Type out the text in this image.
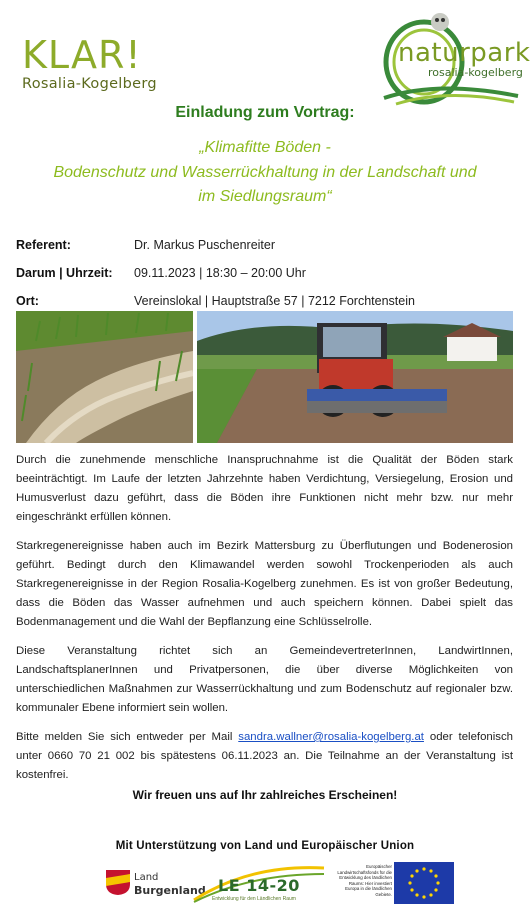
KLAR!
Rosalia-Kogelberg
naturpark
rosalia-kogelberg
Einladung zum Vortrag:
„Klimafitte Böden -
Bodenschutz und Wasserrückhaltung in der Landschaft und
im Siedlungsraum“
Referent:	Dr. Markus Puschenreiter
Darum | Uhrzeit:	09.11.2023 | 18:30 – 20:00 Uhr
Ort:	Vereinslokal | Hauptstraße 57 | 7212 Forchtenstein

Durch die zunehmende menschliche Inanspruchnahme ist die Qualität der Böden stark beeinträchtigt. Im Laufe der letzten Jahrzehnte haben Verdichtung, Versiegelung, Erosion und Humusverlust dazu geführt, dass die Böden ihre Funktionen nicht mehr bzw. nur mehr eingeschränkt erfüllen können.

Starkregenereignisse haben auch im Bezirk Mattersburg zu Überflutungen und Bodenerosion geführt. Bedingt durch den Klimawandel werden sowohl Trockenperioden als auch Starkregenereignisse in der Region Rosalia-Kogelberg zunehmen. Es ist von großer Bedeutung, dass die Böden das Wasser aufnehmen und auch speichern können. Dabei spielt das Bodenmanagement und die Wahl der Bepflanzung eine Schlüsselrolle.

Diese Veranstaltung richtet sich an GemeindevertreterInnen, LandwirtInnen, LandschaftsplanerInnen und Privatpersonen, die über diverse Möglichkeiten von unterschiedlichen Maßnahmen zur Wasserrückhaltung und zum Bodenschutz auf regionaler bzw. kommunaler Ebene informiert sein wollen.

Bitte melden Sie sich entweder per Mail sandra.wallner@rosalia-kogelberg.at oder telefonisch unter 0660 70 21 002 bis spätestens 06.11.2023 an. Die Teilnahme an der Veranstaltung ist kostenfrei.

Wir freuen uns auf Ihr zahlreiches Erscheinen!
Mit Unterstützung von Land und Europäischer Union
Land
Burgenland LE 14-20
Entwicklung für den Ländlichen Raum
Europäischer Landwirtschaftsfonds für die Entwicklung des ländlichen Raums: Hier investiert Europa in die ländlichen Gebiete.
